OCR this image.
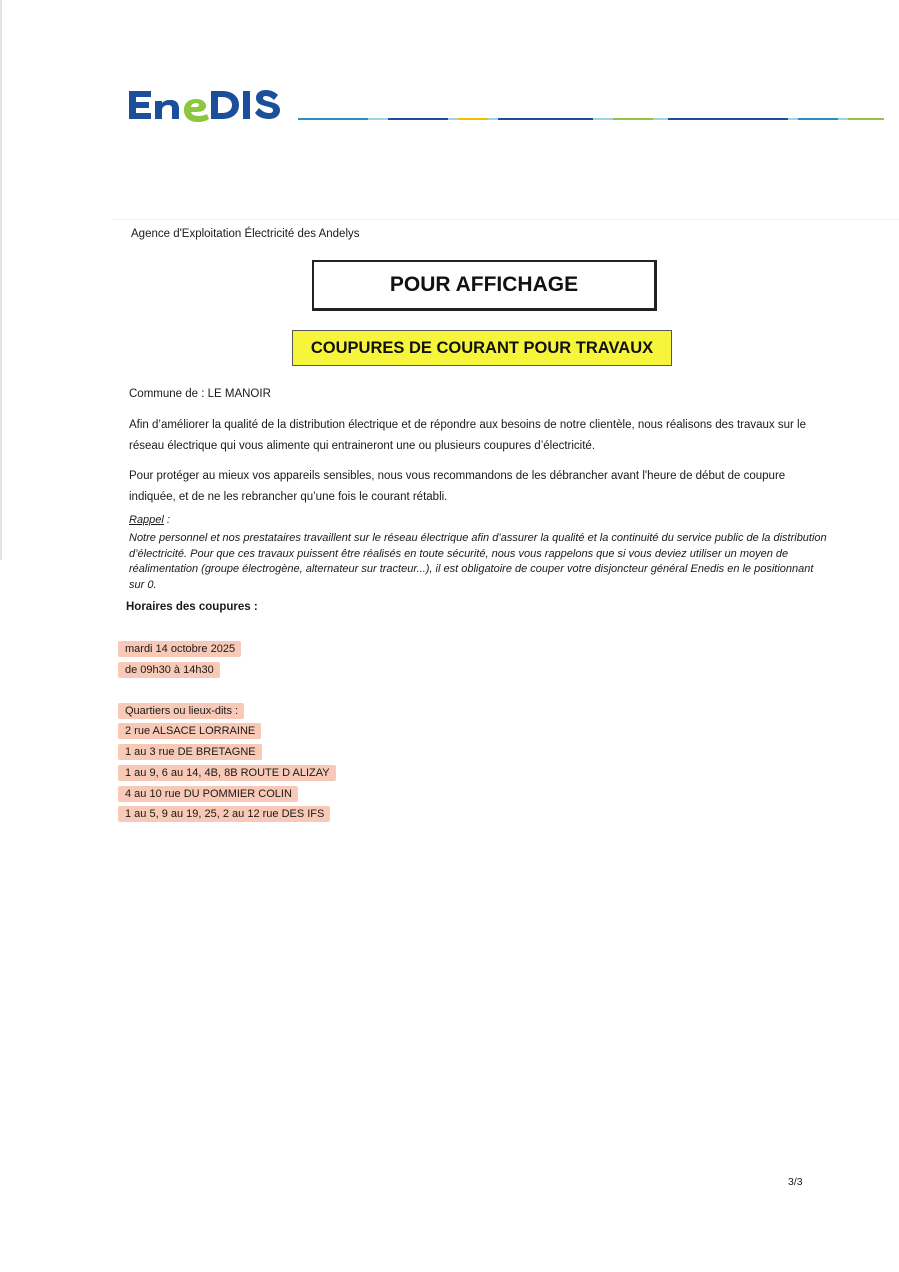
Agence d'Exploitation Électricité des Andelys
POUR AFFICHAGE
COUPURES DE COURANT POUR TRAVAUX
Commune de : LE MANOIR
Afin d’améliorer la qualité de la distribution électrique et de répondre aux besoins de notre clientèle, nous réalisons des travaux sur le réseau électrique qui vous alimente qui entraineront une ou plusieurs coupures d’électricité.
Pour protéger au mieux vos appareils sensibles, nous vous recommandons de les débrancher avant l'heure de début de coupure indiquée, et de ne les rebrancher qu’une fois le courant rétabli.
Rappel :
Notre personnel et nos prestataires travaillent sur le réseau électrique afin d’assurer la qualité et la continuité du service public de la distribution d’électricité. Pour que ces travaux puissent être réalisés en toute sécurité, nous vous rappelons que si vous deviez utiliser un moyen de réalimentation (groupe électrogène, alternateur sur tracteur...), il est obligatoire de couper votre disjoncteur général Enedis en le positionnant sur 0.
Horaires des coupures :
mardi 14 octobre 2025
de 09h30 à 14h30
Quartiers ou lieux-dits :
2 rue ALSACE LORRAINE
1 au 3 rue DE BRETAGNE
1 au 9, 6 au 14, 4B, 8B ROUTE D ALIZAY
4 au 10 rue DU POMMIER COLIN
1 au 5, 9 au 19, 25, 2 au 12 rue DES IFS
3/3
